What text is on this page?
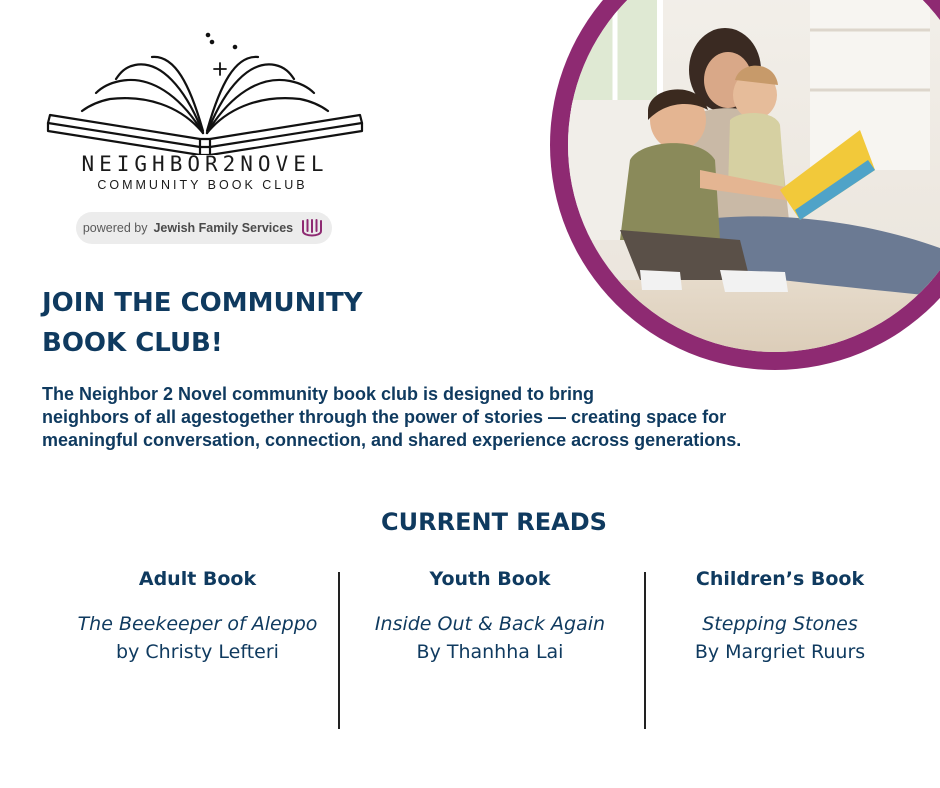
NEIGHBOR2NOVEL
COMMUNITY BOOK CLUB
powered by Jewish Family Services
JOIN THE COMMUNITY
BOOK CLUB!
The Neighbor 2 Novel community book club is designed to bring
neighbors of all agestogether through the power of stories — creating space for
meaningful conversation, connection, and shared experience across generations.
CURRENT READS
Adult Book
The Beekeeper of Aleppo
by Christy Lefteri
Youth Book
Inside Out & Back Again
By Thanhha Lai
Children’s Book
Stepping Stones
By Margriet Ruurs
